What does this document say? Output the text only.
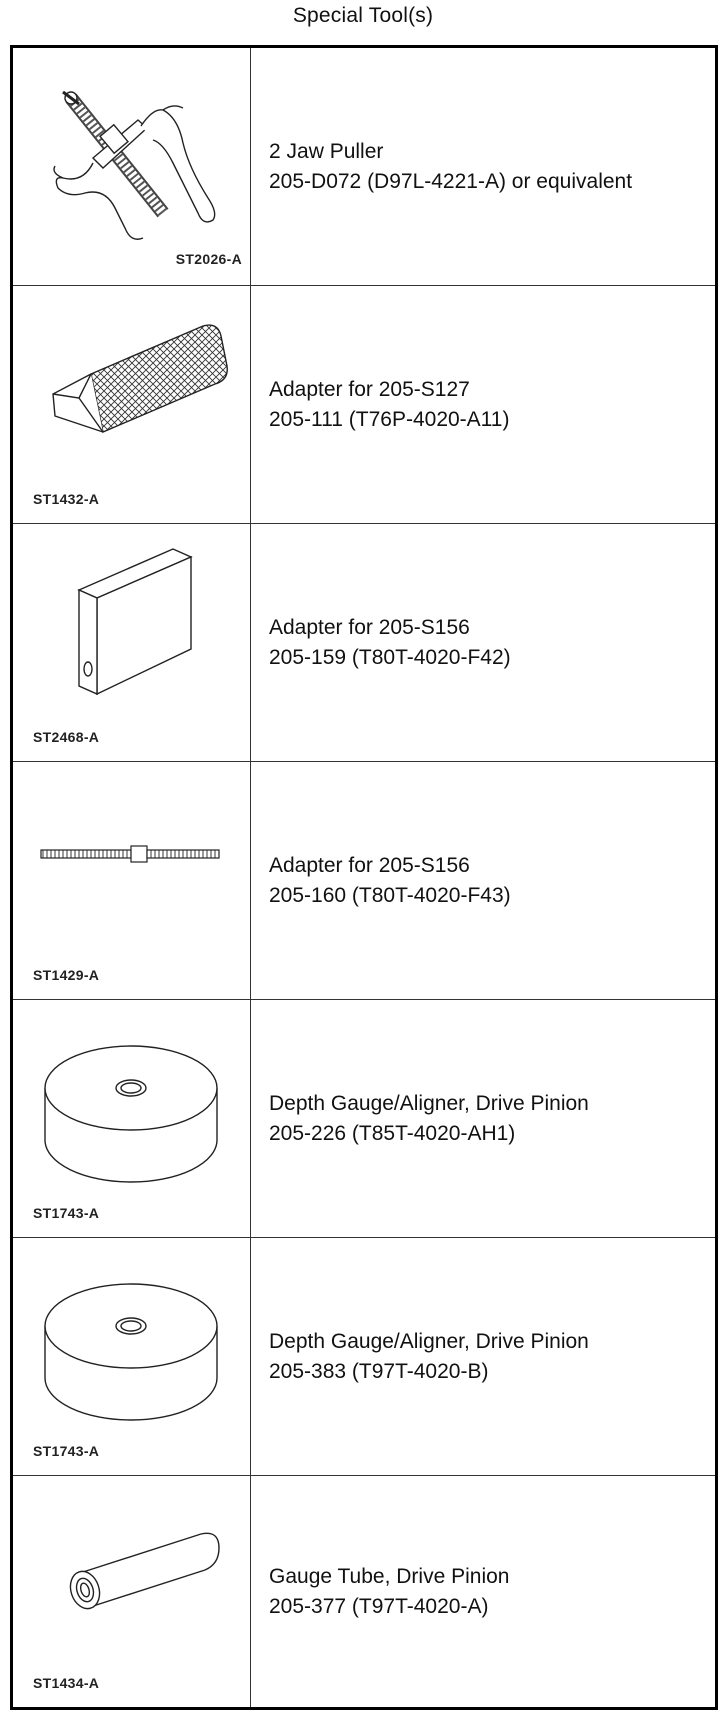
Special Tool(s)
ST2026-A
2 Jaw Puller
205-D072 (D97L-4221-A) or equivalent
ST1432-A
Adapter for 205-S127
205-111 (T76P-4020-A11)
ST2468-A
Adapter for 205-S156
205-159 (T80T-4020-F42)
ST1429-A
Adapter for 205-S156
205-160 (T80T-4020-F43)
ST1743-A
Depth Gauge/Aligner, Drive Pinion
205-226 (T85T-4020-AH1)
ST1743-A
Depth Gauge/Aligner, Drive Pinion
205-383 (T97T-4020-B)
ST1434-A
Gauge Tube, Drive Pinion
205-377 (T97T-4020-A)
